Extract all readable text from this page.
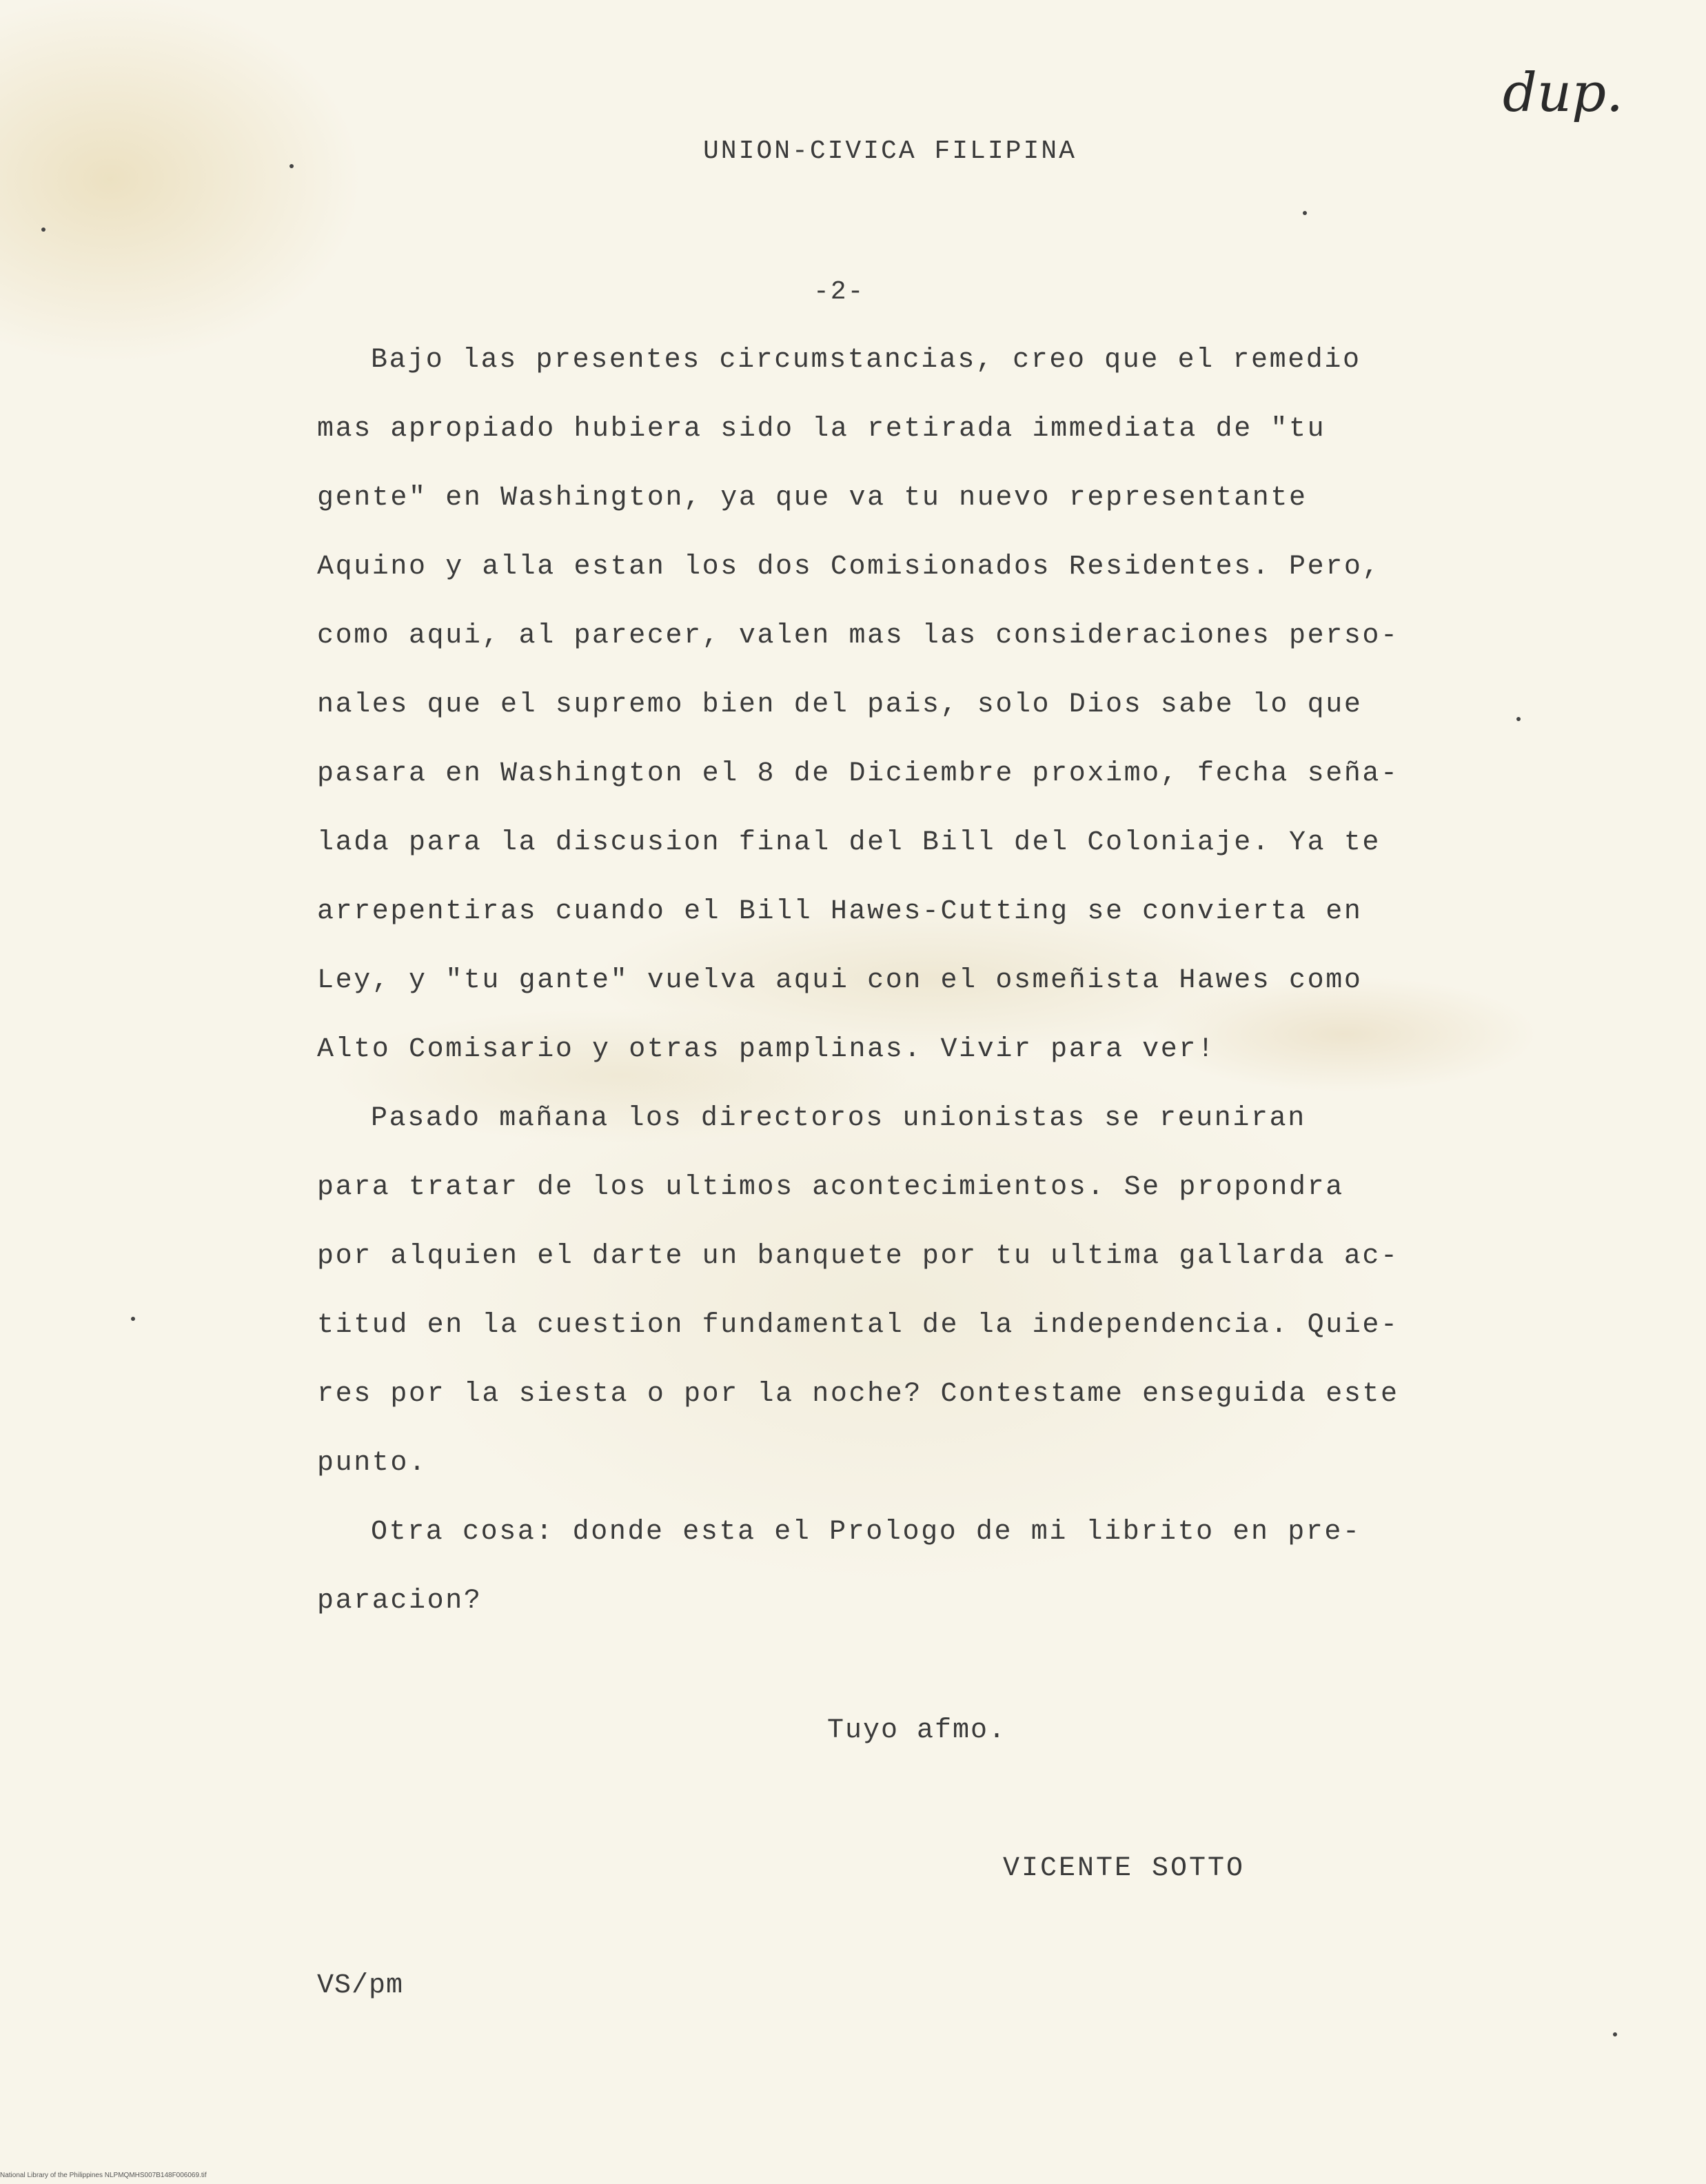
dup.
UNION-CIVICA FILIPINA
-2-
Bajo las presentes circumstancias, creo que el remedio
mas apropiado hubiera sido la retirada immediata de "tu
gente" en Washington, ya que va tu nuevo representante
Aquino y alla estan los dos Comisionados Residentes. Pero,
como aqui, al parecer, valen mas las consideraciones perso-
nales que el supremo bien del pais, solo Dios sabe lo que
pasara en Washington el 8 de Diciembre proximo, fecha seña-
lada para la discusion final del Bill del Coloniaje. Ya te
arrepentiras cuando el Bill Hawes-Cutting se convierta en
Ley, y "tu gante" vuelva aqui con el osmeñista Hawes como
Alto Comisario y otras pamplinas. Vivir para ver!
Pasado mañana los directoros unionistas se reuniran
para tratar de los ultimos acontecimientos. Se propondra
por alquien el darte un banquete por tu ultima gallarda ac-
titud en la cuestion fundamental de la independencia. Quie-
res por la siesta o por la noche? Contestame enseguida este
punto.
Otra cosa: donde esta el Prologo de mi librito en pre-
paracion?
Tuyo afmo.
VICENTE SOTTO
VS/pm
National Library of the Philippines NLPMQMHS007B148F006069.tif
